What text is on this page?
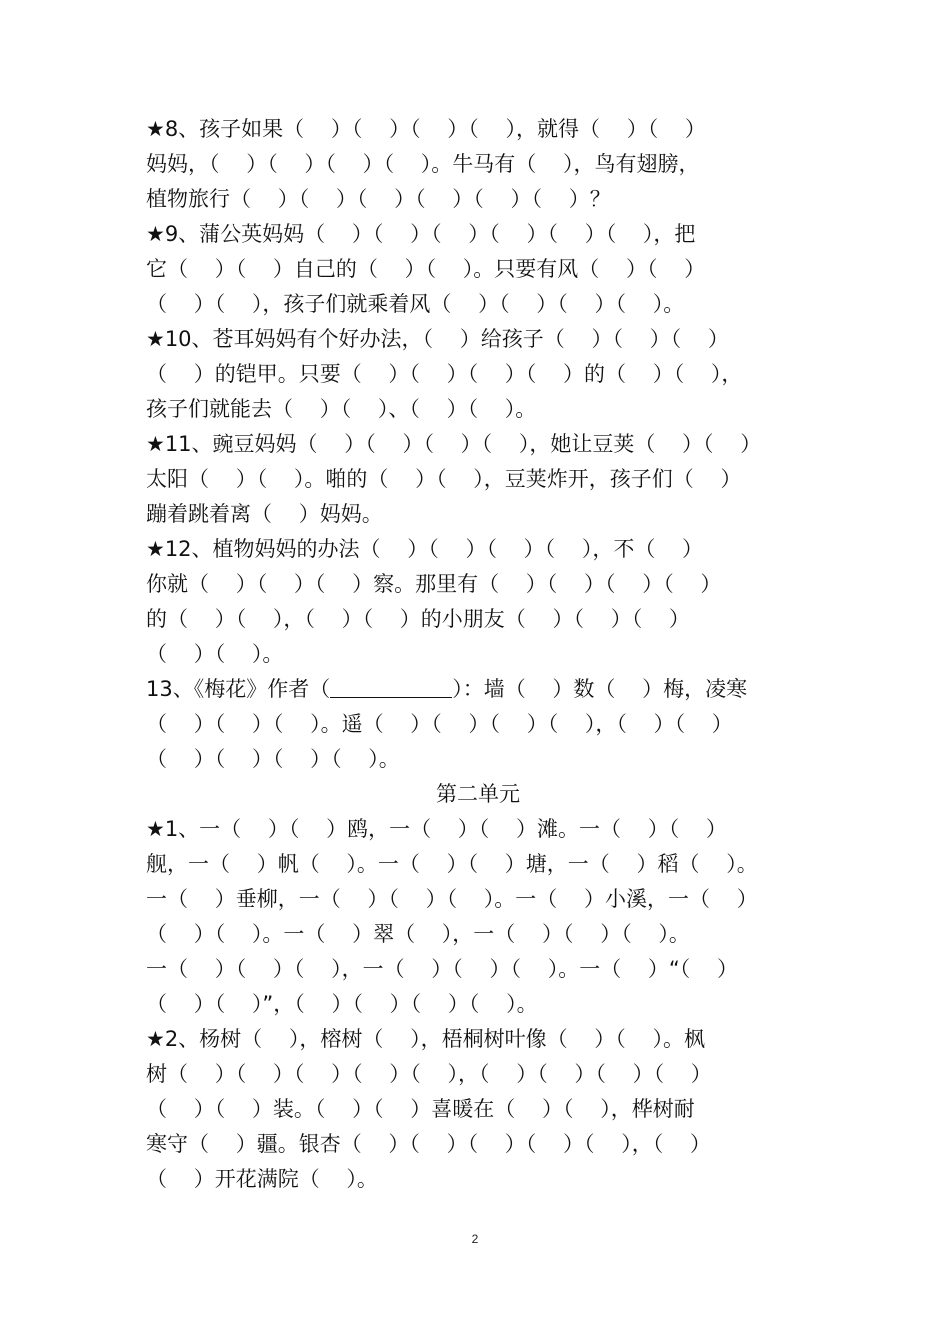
★8、孩子如果（    ）（    ）（    ）（    ），就得（    ）（    ）
妈妈，（    ）（    ）（    ）（    ）。牛马有（    ），鸟有翅膀，
植物旅行（    ）（    ）（    ）（    ）（    ）（    ）？
★9、蒲公英妈妈（    ）（    ）（    ）（    ）（    ）（    ），把
它（    ）（    ）自己的（    ）（    ）。只要有风（    ）（    ）
（    ）（    ），孩子们就乘着风（    ）（    ）（    ）（    ）。
★10、苍耳妈妈有个好办法，（    ）给孩子（    ）（    ）（    ）
（    ）的铠甲。只要（    ）（    ）（    ）（    ）的（    ）（    ），
孩子们就能去（    ）（    ）、（    ）（    ）。
★11、豌豆妈妈（    ）（    ）（    ）（    ），她让豆荚（    ）（    ）
太阳（    ）（    ）。啪的（    ）（    ），豆荚炸开，孩子们（    ）
蹦着跳着离（    ）妈妈。
★12、植物妈妈的办法（    ）（    ）（    ）（    ），不（    ）
你就（    ）（    ）（    ）察。那里有（    ）（    ）（    ）（    ）
的（    ）（    ），（    ）（    ）的小朋友（    ）（    ）（    ）
（    ）（    ）。
13、《梅花》作者（	）：墙（    ）数（    ）梅，凌寒
（    ）（    ）（    ）。遥（    ）（    ）（    ）（    ），（    ）（    ）
（    ）（    ）（    ）（    ）。
第二单元
★1、一（    ）（    ）鸥，一（    ）（    ）滩。一（    ）（    ）
舰，一（    ）帆（    ）。一（    ）（    ）塘，一（    ）稻（    ）。
一（    ）垂柳，一（    ）（    ）（    ）。一（    ）小溪，一（    ）
（    ）（    ）。一（    ）翠（    ），一（    ）（    ）（    ）。
一（    ）（    ）（    ），一（    ）（    ）（    ）。一（    ）“（    ）
（    ）（    ）”，（    ）（    ）（    ）（    ）。
★2、杨树（    ），榕树（    ），梧桐树叶像（    ）（    ）。枫
树（    ）（    ）（    ）（    ）（    ），（    ）（    ）（    ）（    ）
（    ）（    ）装。（    ）（    ）喜暖在（    ）（    ），桦树耐
寒守（    ）疆。银杏（    ）（    ）（    ）（    ）（    ），（    ）
（    ）开花满院（    ）。
2
